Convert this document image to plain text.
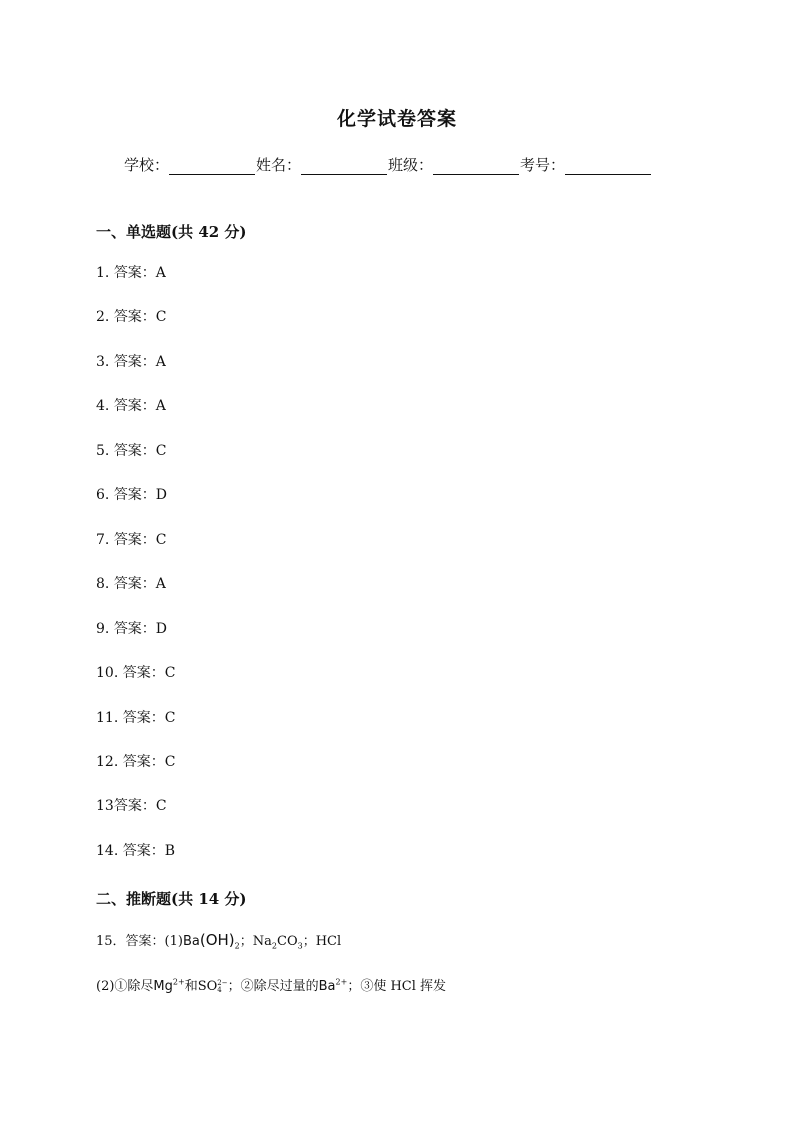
化学试卷答案
学校：	姓名：	班级：	考号：
一、单选题(共 42 分)
1. 答案：A
2. 答案：C
3. 答案：A
4. 答案：A
5. 答案：C
6. 答案：D
7. 答案：C
8. 答案：A
9. 答案：D
10. 答案：C
11. 答案：C
12. 答案：C
13答案：C
14. 答案：B
二、推断题(共 14 分)
15．答案：$(1)Ba(OH)_2$；$Na_2CO_3$；HCl
(2)①除尽$Mg^{2+}$和SO 2−
4 ；②除尽过量的$Ba^{2+}$；③使 HCl 挥发
